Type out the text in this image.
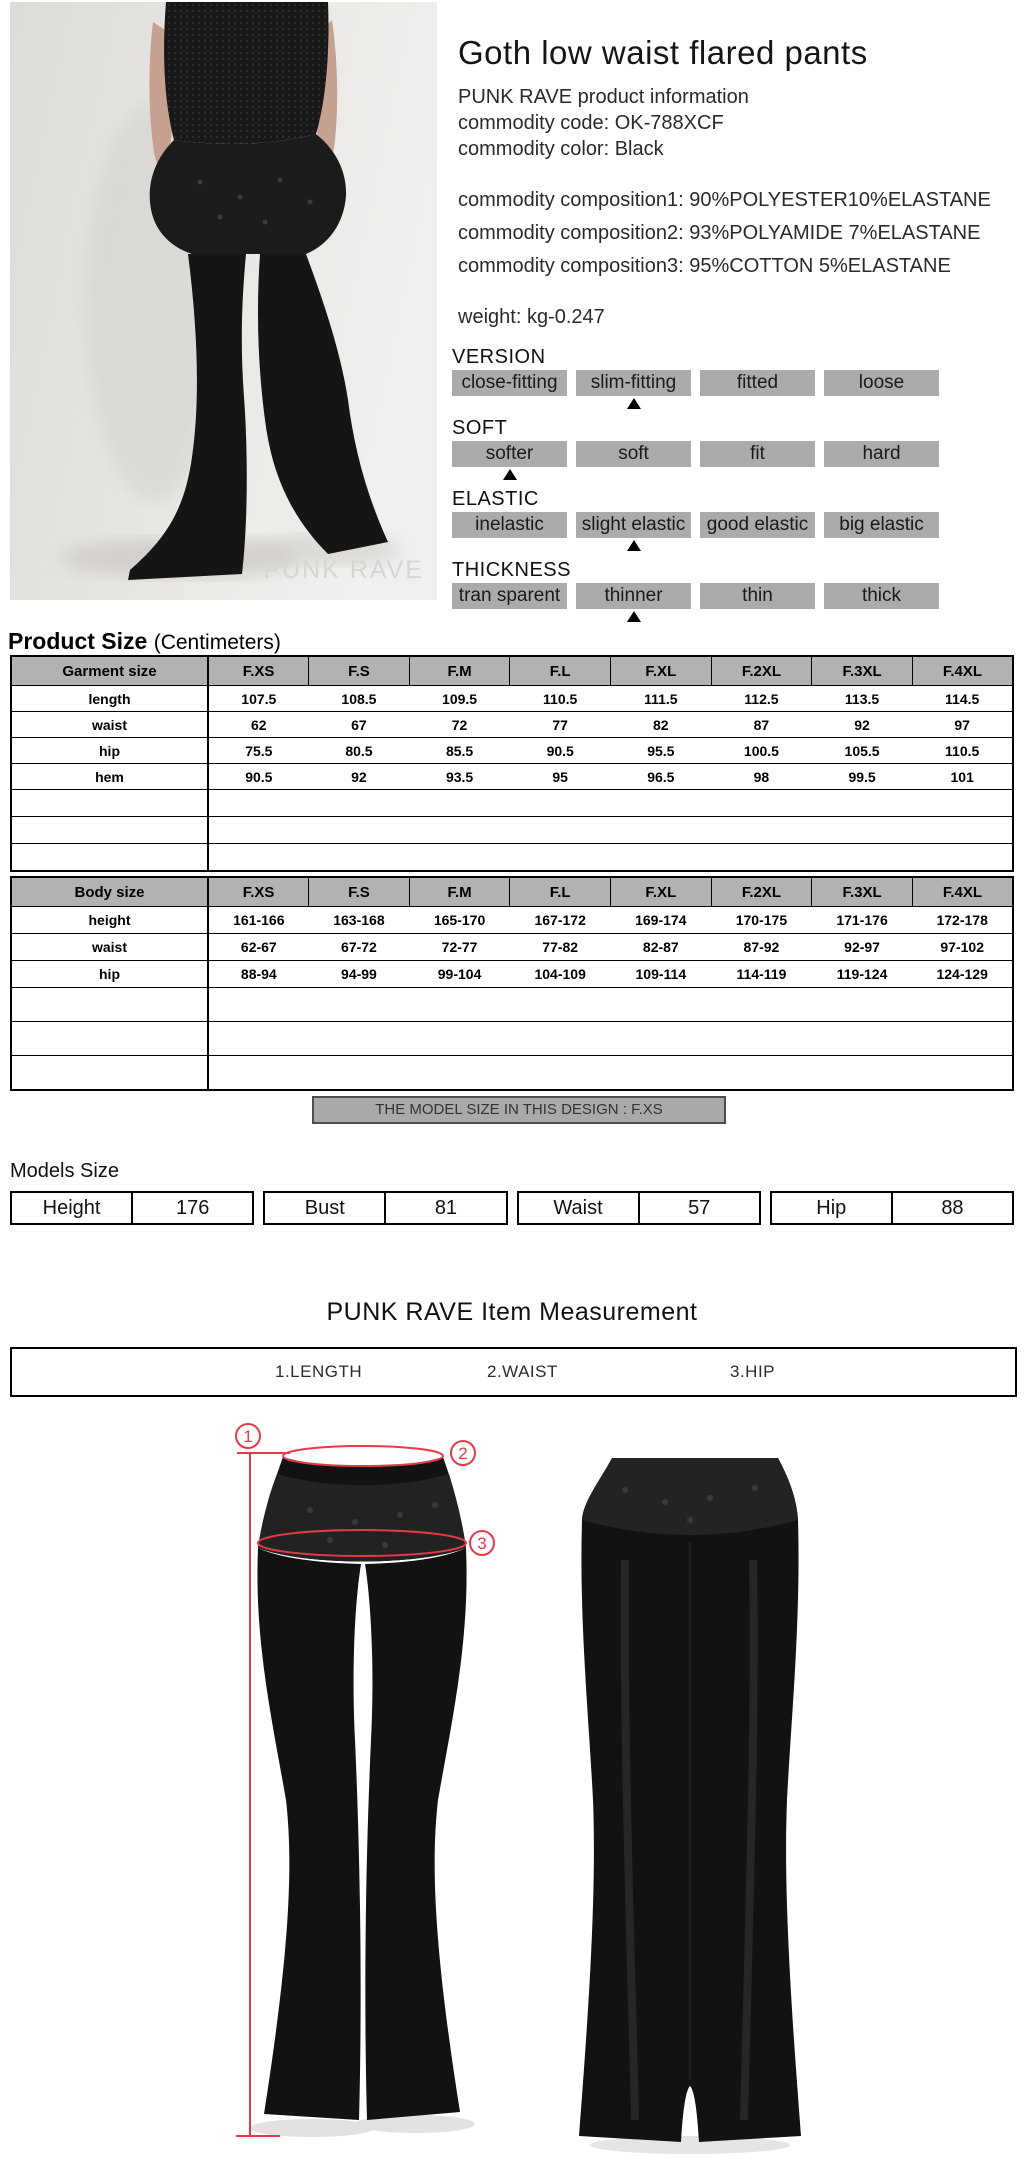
PUNK RAVE
Goth low waist flared pants
PUNK RAVE product information
commodity code: OK-788XCF
commodity color: Black
commodity composition1: 90%POLYESTER10%ELASTANE
commodity composition2: 93%POLYAMIDE 7%ELASTANE
commodity composition3: 95%COTTON 5%ELASTANE
weight: kg-0.247
VERSION
close-fitting	slim-fitting	fitted	loose
SOFT
softer	soft	fit	hard
ELASTIC
inelastic	slight elastic	good elastic	big elastic
THICKNESS
tran sparent	thinner	thin	thick
Product Size (Centimeters)
Garment size	F.XS	F.S	F.M	F.L	F.XL	F.2XL	F.3XL	F.4XL
length	107.5	108.5	109.5	110.5	111.5	112.5	113.5	114.5
waist	62	67	72	77	82	87	92	97
hip	75.5	80.5	85.5	90.5	95.5	100.5	105.5	110.5
hem	90.5	92	93.5	95	96.5	98	99.5	101

Body size	F.XS	F.S	F.M	F.L	F.XL	F.2XL	F.3XL	F.4XL
height	161-166	163-168	165-170	167-172	169-174	170-175	171-176	172-178
waist	62-67	67-72	72-77	77-82	82-87	87-92	92-97	97-102
hip	88-94	94-99	99-104	104-109	109-114	114-119	119-124	124-129

THE MODEL SIZE IN THIS DESIGN : F.XS
Models Size
Height	176	Bust	81	Waist	57	Hip	88
PUNK RAVE Item Measurement
1.LENGTH	2.WAIST	3.HIP
1
2
3
